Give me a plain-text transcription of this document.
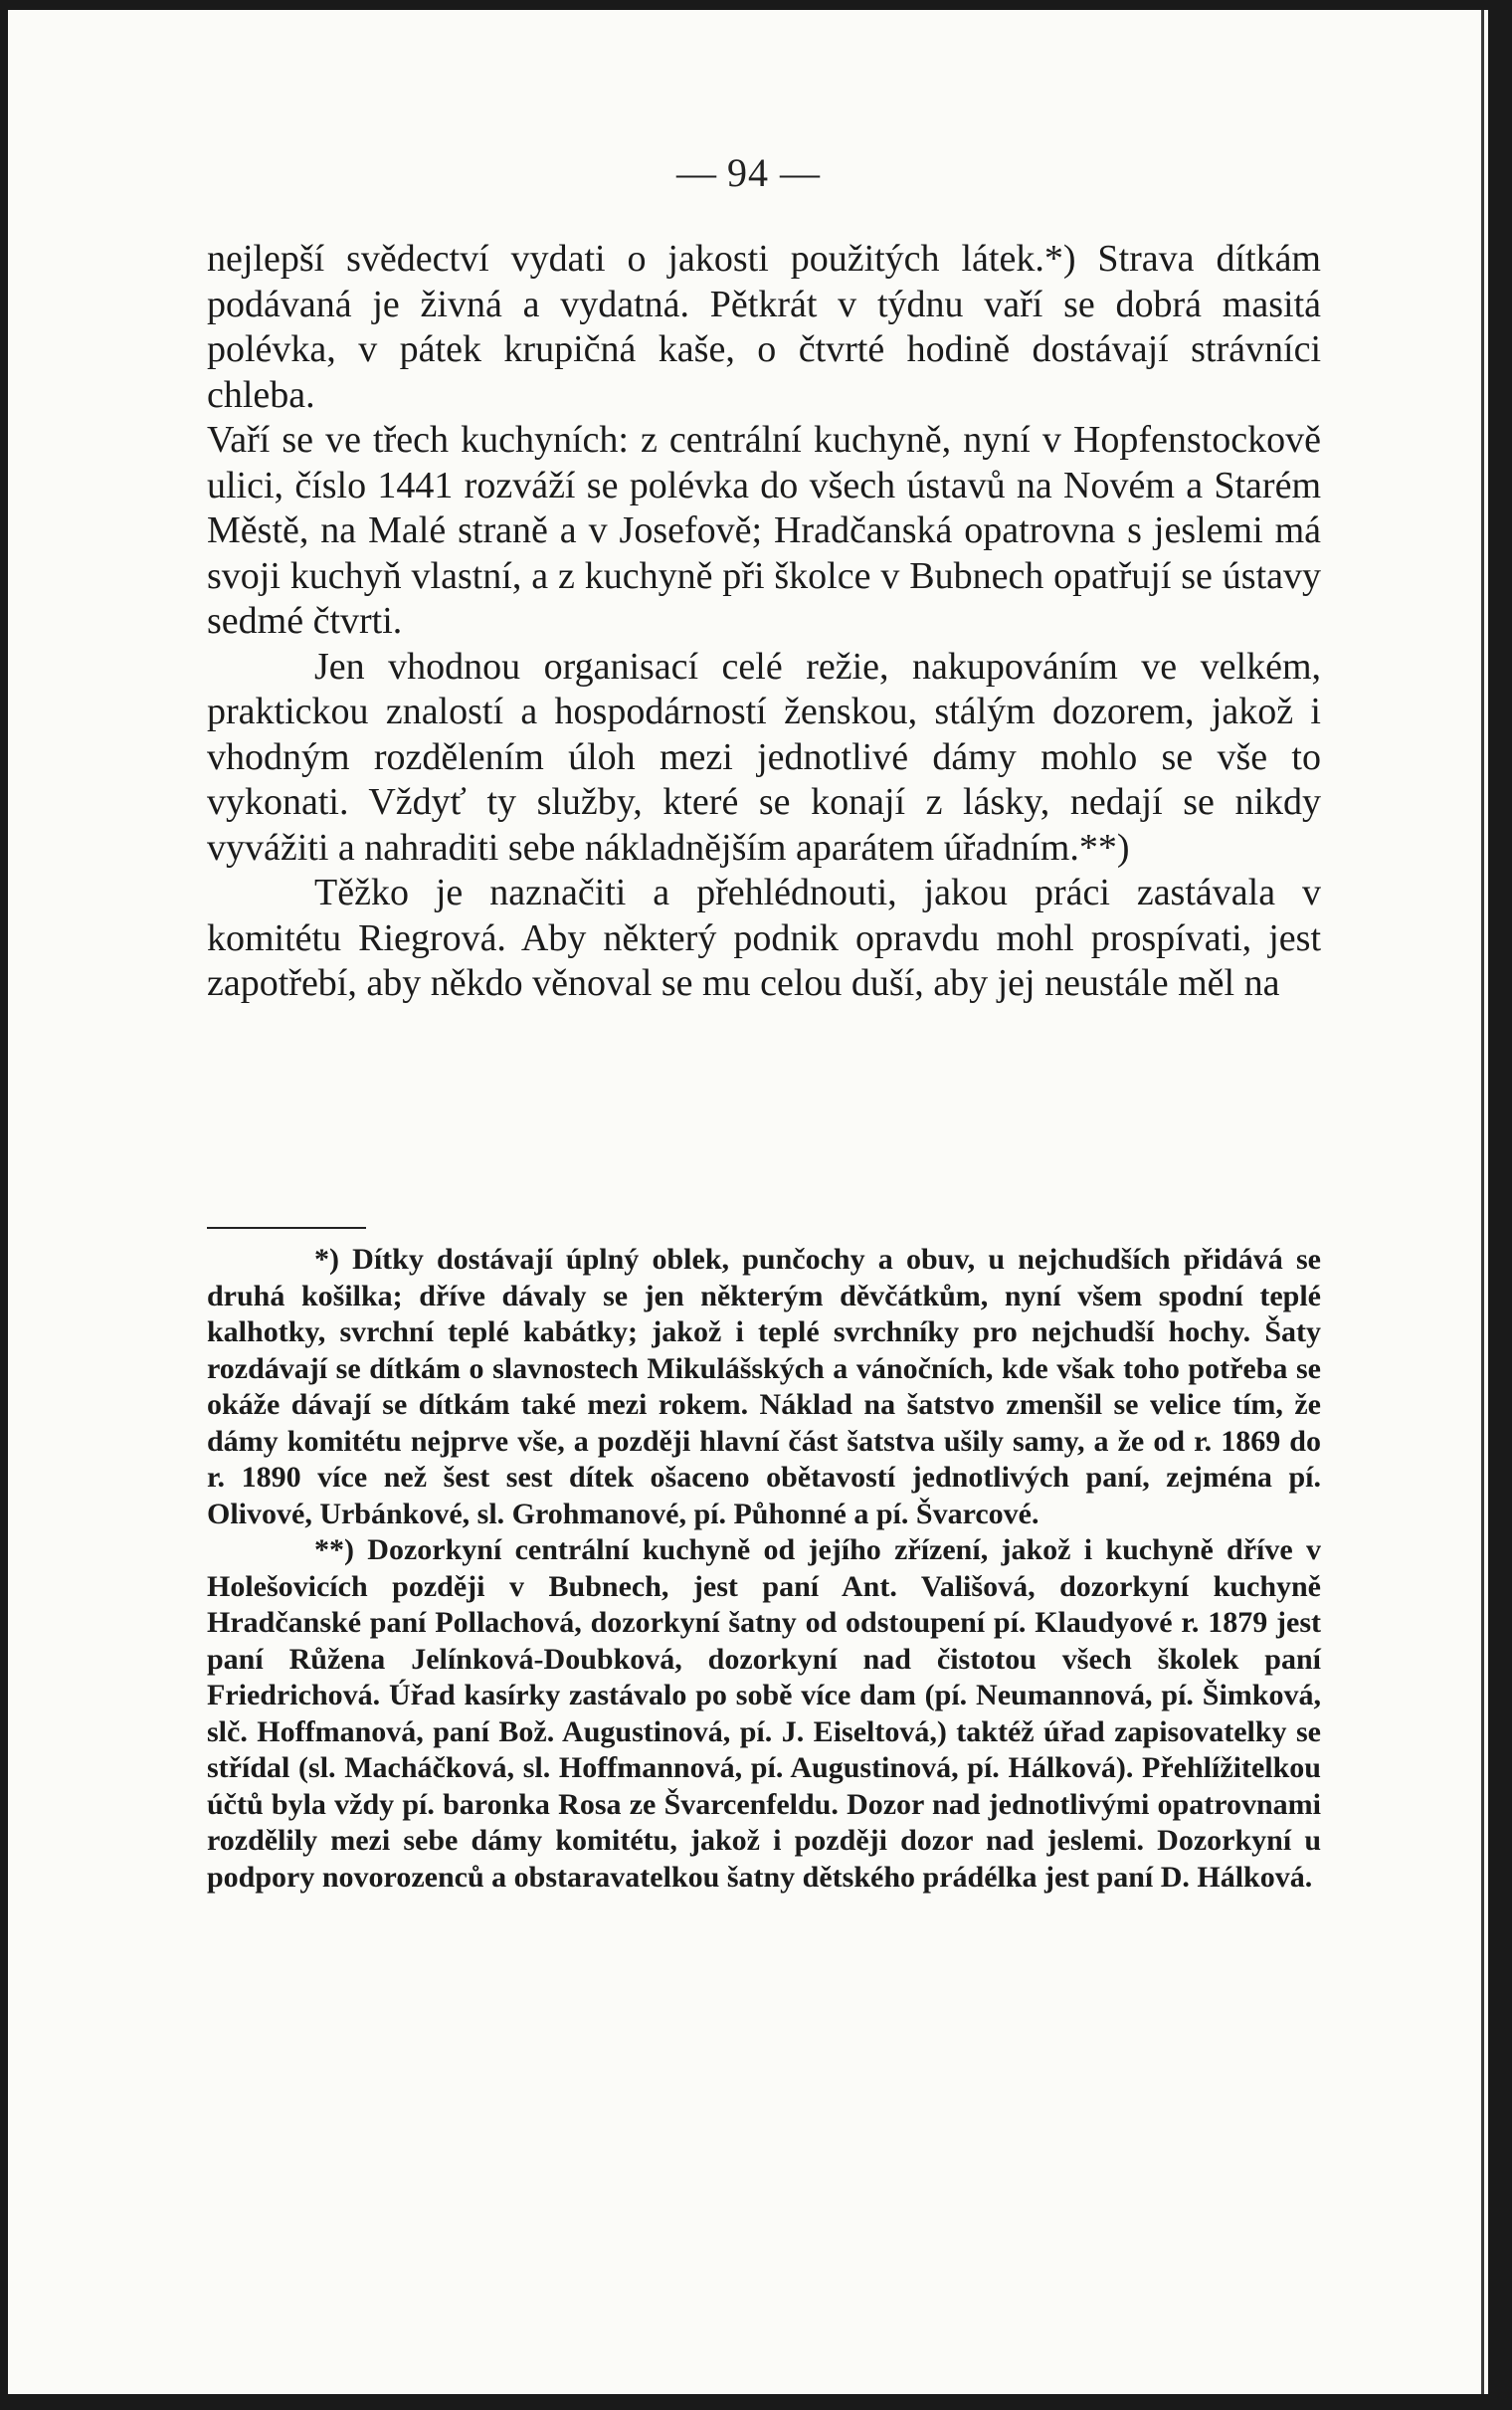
— 94 —

nejlepší svědectví vydati o jakosti použitých látek.*) Strava dítkám podávaná je živná a vydatná. Pětkrát v týdnu vaří se dobrá masitá polévka, v pátek krupičná kaše, o čtvrté hodině dostávají strávníci chleba.

Vaří se ve třech kuchyních: z centrální kuchyně, nyní v Hopfenstockově ulici, číslo 1441 rozváží se polévka do všech ústavů na Novém a Starém Městě, na Malé straně a v Josefově; Hradčanská opatrovna s jeslemi má svoji kuchyň vlastní, a z kuchyně při školce v Bubnech opatřují se ústavy sedmé čtvrti.

Jen vhodnou organisací celé režie, nakupováním ve velkém, praktickou znalostí a hospodárností ženskou, stálým dozorem, jakož i vhodným rozdělením úloh mezi jednotlivé dámy mohlo se vše to vykonati. Vždyť ty služby, které se konají z lásky, nedají se nikdy vyvážiti a nahraditi sebe nákladnějším aparátem úřadním.**)

Těžko je naznačiti a přehlédnouti, jakou práci zastávala v komitétu Riegrová. Aby některý podnik opravdu mohl prospívati, jest zapotřebí, aby někdo věnoval se mu celou duší, aby jej neustále měl na

*) Dítky dostávají úplný oblek, punčochy a obuv, u nejchudších přidává se druhá košilka; dříve dávaly se jen některým děvčátkům, nyní všem spodní teplé kalhotky, svrchní teplé kabátky; jakož i teplé svrchníky pro nejchudší hochy. Šaty rozdávají se dítkám o slavnostech Mikulášských a vánočních, kde však toho potřeba se okáže dávají se dítkám také mezi rokem. Náklad na šatstvo zmenšil se velice tím, že dámy komitétu nejprve vše, a později hlavní část šatstva ušily samy, a že od r. 1869 do r. 1890 více než šest sest dítek ošaceno obětavostí jednotlivých paní, zejména pí. Olivové, Urbánkové, sl. Grohmanové, pí. Půhonné a pí. Švarcové.

**) Dozorkyní centrální kuchyně od jejího zřízení, jakož i kuchyně dříve v Holešovicích později v Bubnech, jest paní Ant. Vališová, dozorkyní kuchyně Hradčanské paní Pollachová, dozorkyní šatny od odstoupení pí. Klaudyové r. 1879 jest paní Růžena Jelínková-Doubková, dozorkyní nad čistotou všech školek paní Friedrichová. Úřad kasírky zastávalo po sobě více dam (pí. Neumannová, pí. Šimková, slč. Hoffmanová, paní Bož. Augustinová, pí. J. Eiseltová,) taktéž úřad zapisovatelky se střídal (sl. Macháčková, sl. Hoffmannová, pí. Augustinová, pí. Hálková). Přehlížitelkou účtů byla vždy pí. baronka Rosa ze Švarcenfeldu. Dozor nad jednotlivými opatrovnami rozdělily mezi sebe dámy komitétu, jakož i později dozor nad jeslemi. Dozorkyní u podpory novorozenců a obstaravatelkou šatny dětského prádélka jest paní D. Hálková.
